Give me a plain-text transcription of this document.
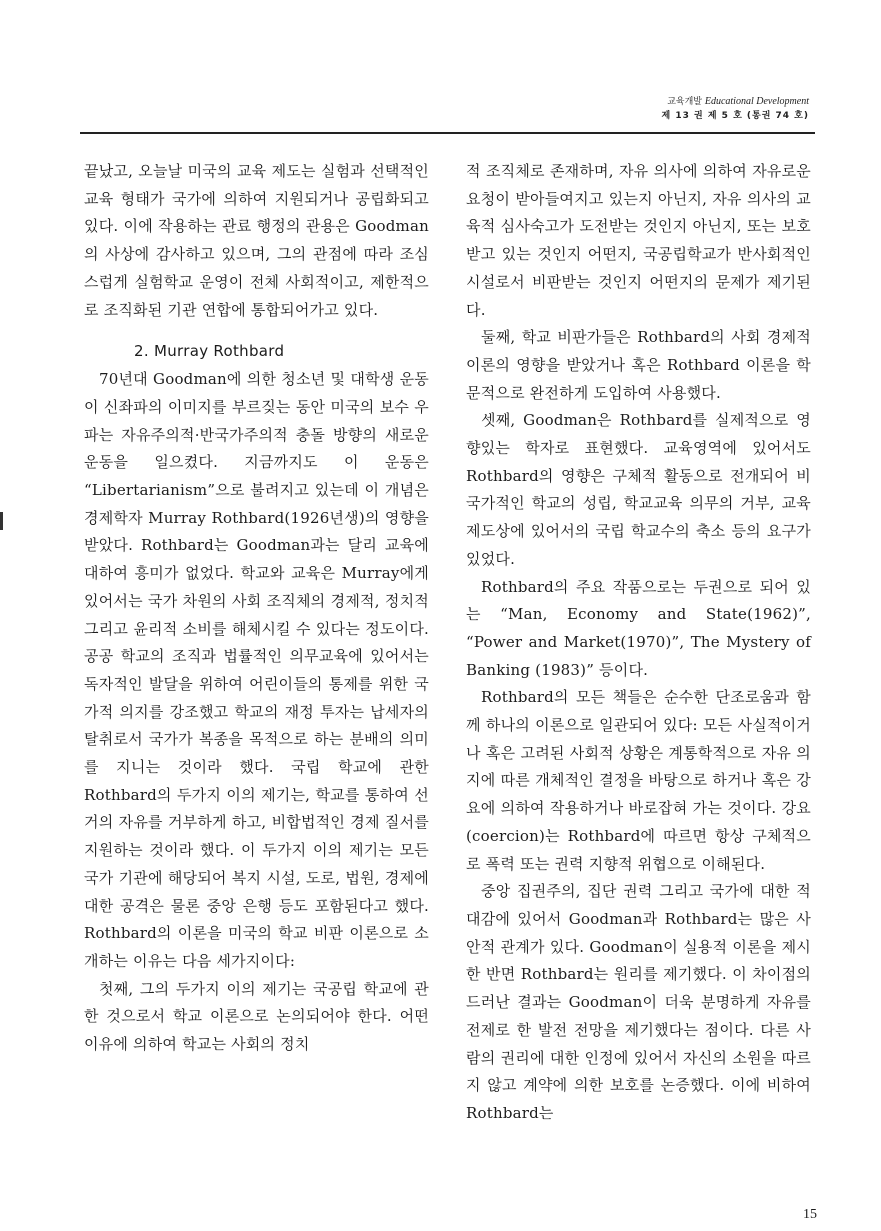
교육개발 Educational Development
제 13 권 제 5 호 (통권 74 호)

끝났고, 오늘날 미국의 교육 제도는 실험과 선택적인 교육 형태가 국가에 의하여 지원되거나 공립화되고 있다. 이에 작용하는 관료 행정의 관용은 Goodman의 사상에 감사하고 있으며, 그의 관점에 따라 조심스럽게 실험학교 운영이 전체 사회적이고, 제한적으로 조직화된 기관 연합에 통합되어가고 있다.

2. Murray Rothbard

70년대 Goodman에 의한 청소년 및 대학생 운동이 신좌파의 이미지를 부르짖는 동안 미국의 보수 우파는 자유주의적·반국가주의적 충돌 방향의 새로운 운동을 일으켰다. 지금까지도 이 운동은 “Libertarianism”으로 불려지고 있는데 이 개념은 경제학자 Murray Rothbard(1926년생)의 영향을 받았다. Rothbard는 Goodman과는 달리 교육에 대하여 흥미가 없었다. 학교와 교육은 Murray에게 있어서는 국가 차원의 사회 조직체의 경제적, 정치적 그리고 윤리적 소비를 해체시킬 수 있다는 정도이다. 공공 학교의 조직과 법률적인 의무교육에 있어서는 독자적인 발달을 위하여 어린이들의 통제를 위한 국가적 의지를 강조했고 학교의 재정 투자는 납세자의 탈취로서 국가가 복종을 목적으로 하는 분배의 의미를 지니는 것이라 했다. 국립 학교에 관한 Rothbard의 두가지 이의 제기는, 학교를 통하여 선거의 자유를 거부하게 하고, 비합법적인 경제 질서를 지원하는 것이라 했다. 이 두가지 이의 제기는 모든 국가 기관에 해당되어 복지 시설, 도로, 법원, 경제에 대한 공격은 물론 중앙 은행 등도 포함된다고 했다. Rothbard의 이론을 미국의 학교 비판 이론으로 소개하는 이유는 다음 세가지이다:

첫째, 그의 두가지 이의 제기는 국공립 학교에 관한 것으로서 학교 이론으로 논의되어야 한다. 어떤 이유에 의하여 학교는 사회의 정치

적 조직체로 존재하며, 자유 의사에 의하여 자유로운 요청이 받아들여지고 있는지 아닌지, 자유 의사의 교육적 심사숙고가 도전받는 것인지 아닌지, 또는 보호받고 있는 것인지 어떤지, 국공립학교가 반사회적인 시설로서 비판받는 것인지 어떤지의 문제가 제기된다.

둘째, 학교 비판가들은 Rothbard의 사회 경제적 이론의 영향을 받았거나 혹은 Rothbard 이론을 학문적으로 완전하게 도입하여 사용했다.

셋째, Goodman은 Rothbard를 실제적으로 영향있는 학자로 표현했다. 교육영역에 있어서도 Rothbard의 영향은 구체적 활동으로 전개되어 비국가적인 학교의 성립, 학교교육 의무의 거부, 교육제도상에 있어서의 국립 학교수의 축소 등의 요구가 있었다.

Rothbard의 주요 작품으로는 두권으로 되어 있는 “Man, Economy and State(1962)”, “Power and Market(1970)”, The Mystery of Banking (1983)” 등이다.

Rothbard의 모든 책들은 순수한 단조로움과 함께 하나의 이론으로 일관되어 있다: 모든 사실적이거나 혹은 고려된 사회적 상황은 계통학적으로 자유 의지에 따른 개체적인 결정을 바탕으로 하거나 혹은 강요에 의하여 작용하거나 바로잡혀 가는 것이다. 강요(coercion)는 Rothbard에 따르면 항상 구체적으로 폭력 또는 권력 지향적 위협으로 이해된다.

중앙 집권주의, 집단 권력 그리고 국가에 대한 적대감에 있어서 Goodman과 Rothbard는 많은 사안적 관계가 있다. Goodman이 실용적 이론을 제시한 반면 Rothbard는 원리를 제기했다. 이 차이점의 드러난 결과는 Goodman이 더욱 분명하게 자유를 전제로 한 발전 전망을 제기했다는 점이다. 다른 사람의 권리에 대한 인정에 있어서 자신의 소원을 따르지 않고 계약에 의한 보호를 논증했다. 이에 비하여 Rothbard는

15
